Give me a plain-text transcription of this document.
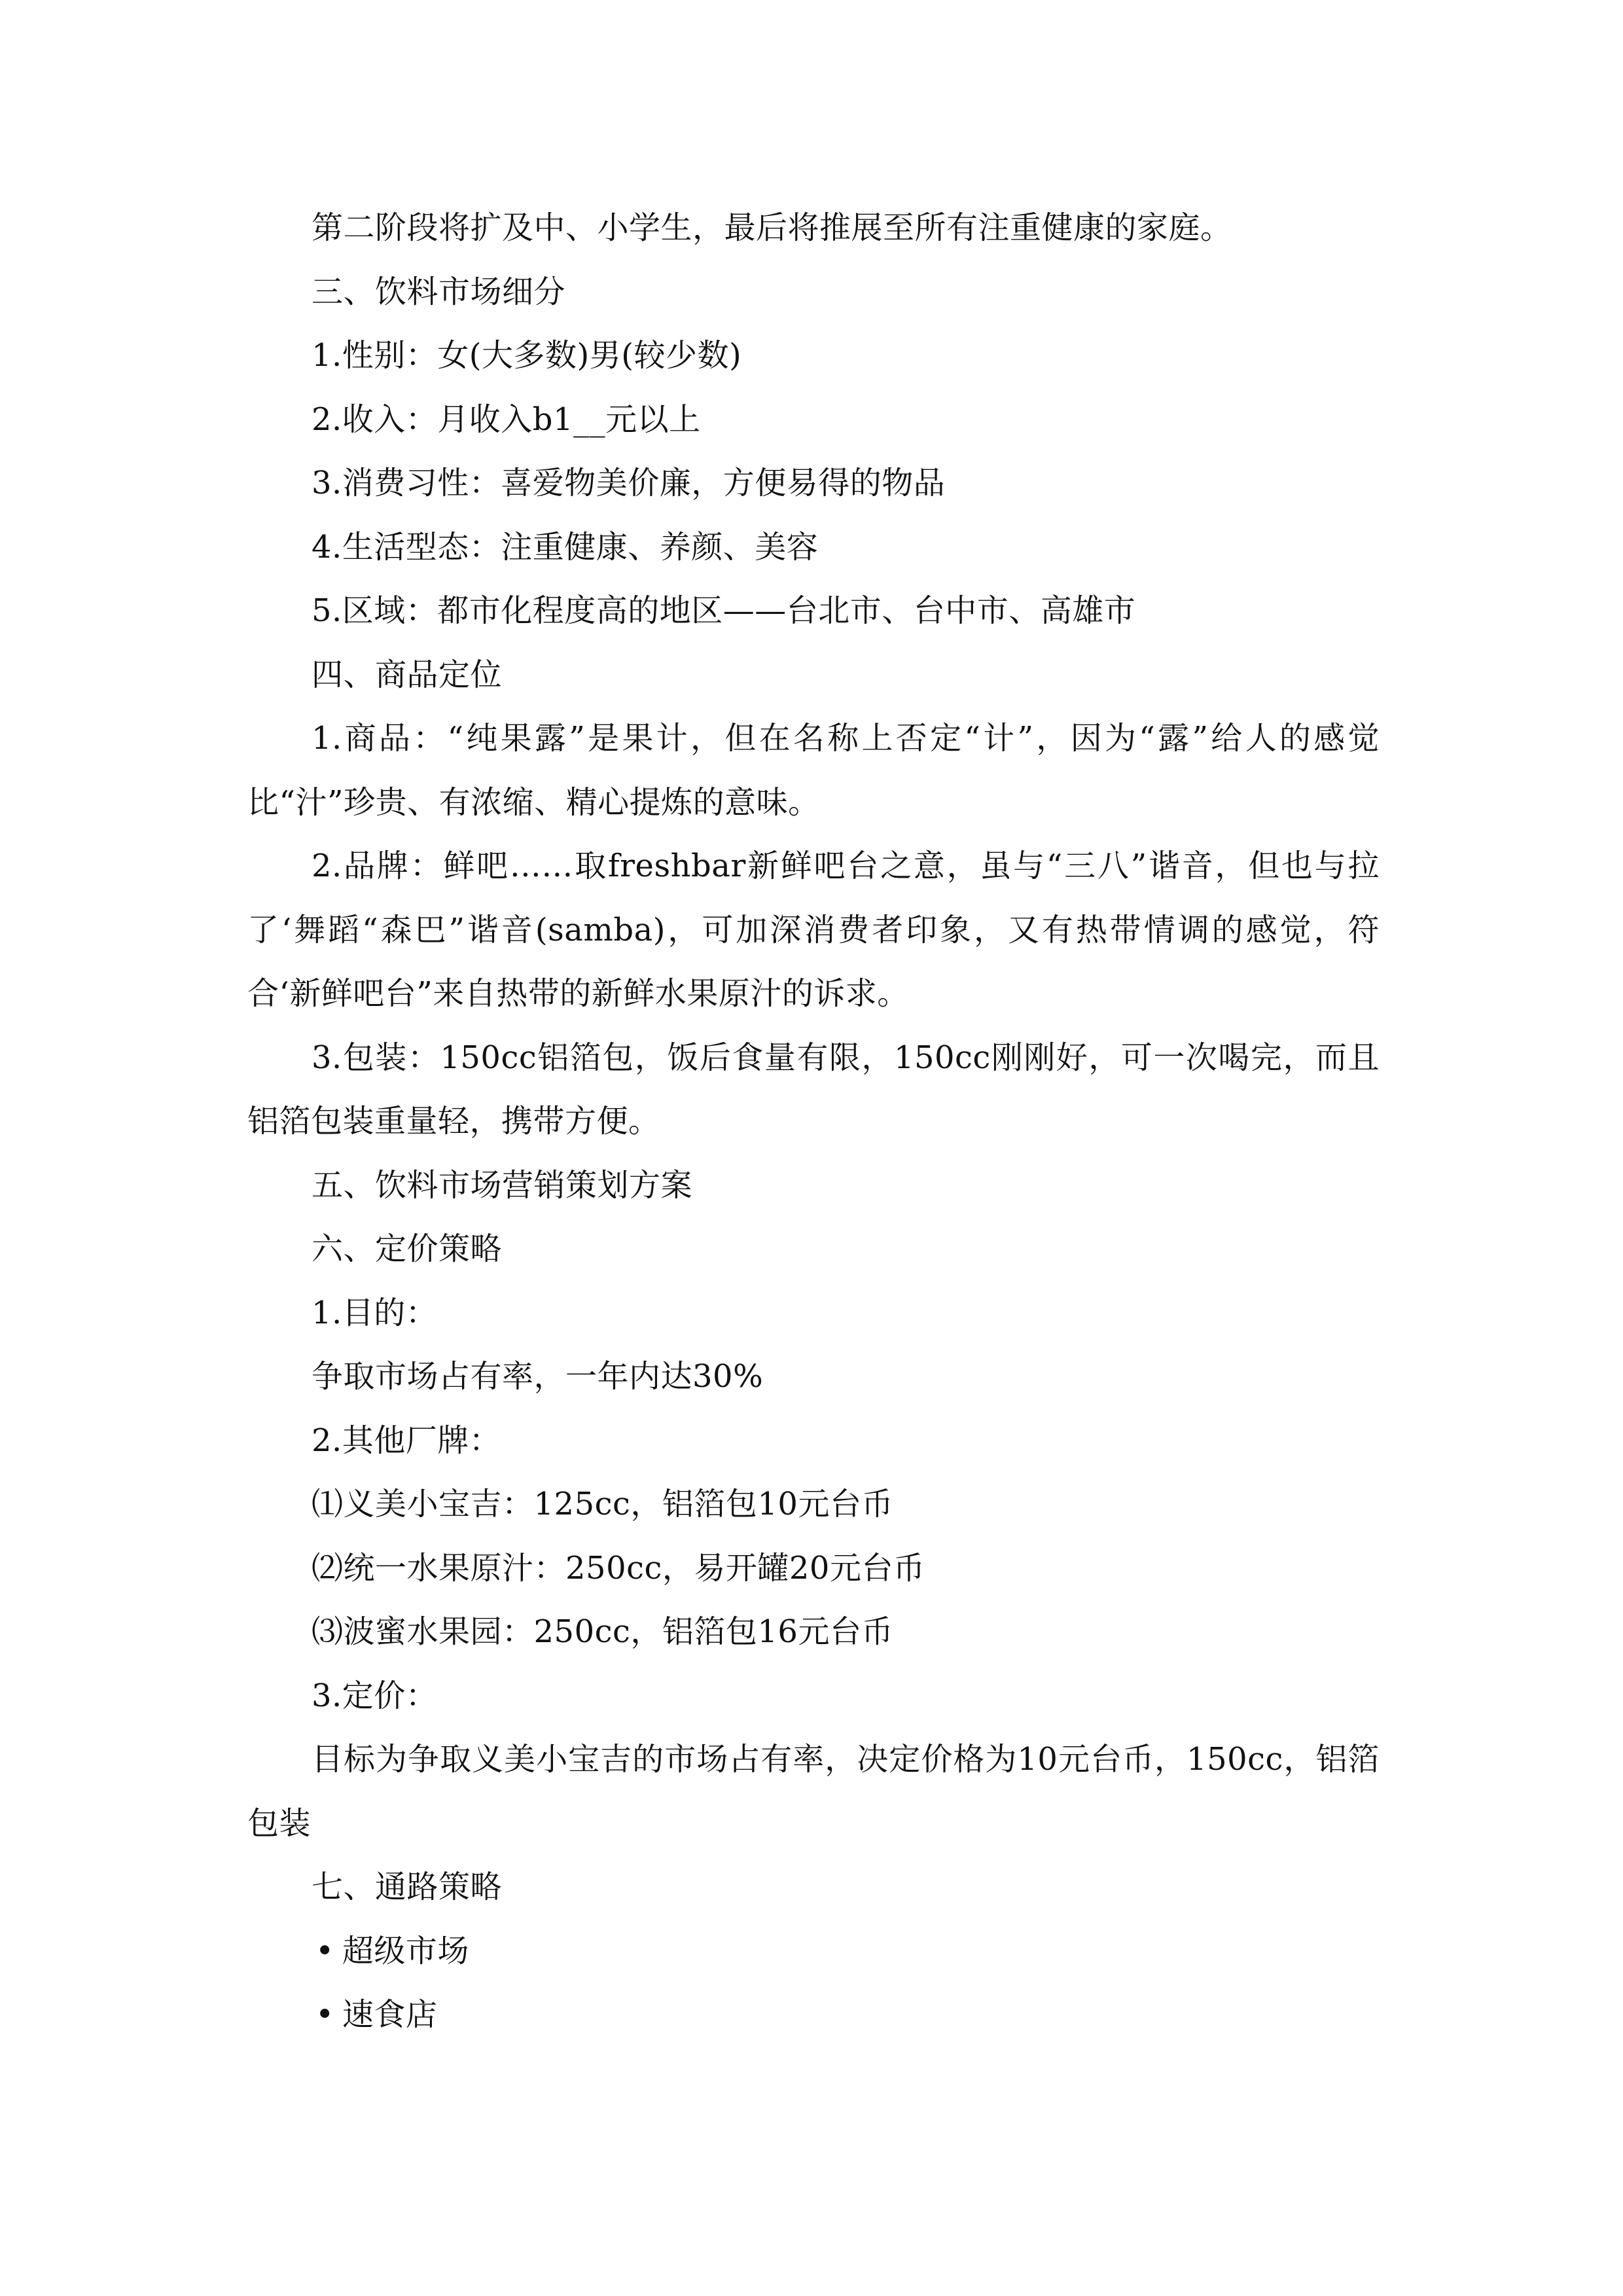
第二阶段将扩及中、小学生，最后将推展至所有注重健康的家庭。

三、饮料市场细分

1.性别：女(大多数)男(较少数)

2.收入：月收入b1__元以上

3.消费习性：喜爱物美价廉，方便易得的物品

4.生活型态：注重健康、养颜、美容

5.区域：都市化程度高的地区——台北市、台中市、高雄市

四、商品定位

1.商品：“纯果露”是果计，但在名称上否定“计”，因为“露”给人的感觉比“汁”珍贵、有浓缩、精心提炼的意味。

2.品牌：鲜吧……取freshbar新鲜吧台之意，虽与“三八”谐音，但也与拉了‘舞蹈“森巴”谐音(samba)，可加深消费者印象，又有热带情调的感觉，符合‘新鲜吧台”来自热带的新鲜水果原汁的诉求。

3.包装：150cc铝箔包，饭后食量有限，150cc刚刚好，可一次喝完，而且铝箔包装重量轻，携带方便。

五、饮料市场营销策划方案

六、定价策略

1.目的：

争取市场占有率，一年内达30%

2.其他厂牌：

⑴义美小宝吉：125cc，铝箔包10元台币

⑵统一水果原汁：250cc，易开罐20元台币

⑶波蜜水果园：250cc，铝箔包16元台币

3.定价：

目标为争取义美小宝吉的市场占有率，决定价格为10元台币，150cc，铝箔包装

七、通路策略

• 超级市场

• 速食店
